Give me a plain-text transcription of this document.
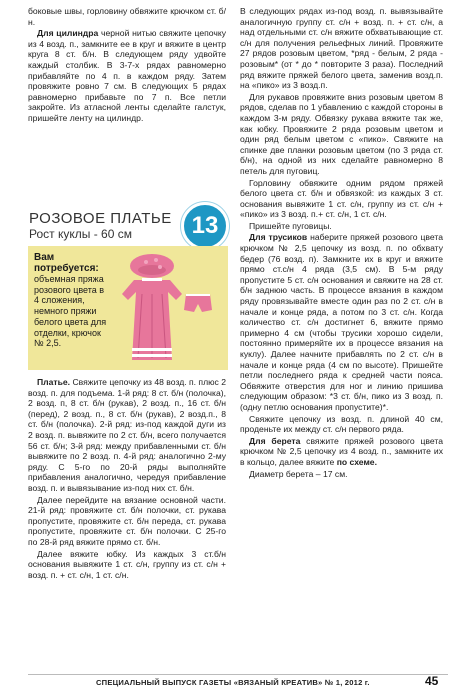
боковые швы, горловину обвяжите крючком ст. б/н.

Для цилиндра черной нитью свяжите цепочку из 4 возд. п., замкните ее в круг и вяжите в центр круга 8 ст. б/н. В следующем ряду удвойте каждый столбик. В 3-7-х рядах равномерно прибавляйте по 4 п. в каждом ряду. Затем провяжите ровно 7 см. В следующих 5 рядах равномерно прибавьте по 7 п. Все петли закройте. Из атласной ленты сделайте галстук, пришейте ленту на цилиндр.

РОЗОВОЕ ПЛАТЬЕ
Рост куклы - 60 см	13
Вам потребуется:
объемная пряжа розового цвета в 4 сложения, немного пряжи белого цвета для отделки, крючок № 2,5.

Платье. Свяжите цепочку из 48 возд. п. плюс 2 возд. п. для подъема. 1-й ряд: 8 ст. б/н (полочка), 2 возд. п, 8 ст. б/н (рукав), 2 возд. п., 16 ст. б/н (перед), 2 возд. п., 8 ст. б/н (рукав), 2 возд.п., 8 ст. б/н (полочка). 2-й ряд: из-под каждой дуги из 2 возд. п. вывяжите по 2 ст. б/н, всего получается 56 ст. б/н; 3-й ряд: между прибавленными ст. б/н вывяжите по 2 возд. п. 4-й ряд: аналогично 2-му ряду. С 5-го по 20-й ряды выполняйте прибавления аналогично, чередуя прибавление возд. п. и вывязывание из-под них ст. б/н.

Далее перейдите на вязание основной части. 21-й ряд: провяжите ст. б/н полочки, ст. рукава пропустите, провяжите ст. б/н переда, ст. рукава пропустите, провяжите ст. б/н полочки. С 25-го по 28-й ряд вяжите прямо ст. б/н.

Далее вяжите юбку. Из каждых 3 ст.б/н основания вывяжите 1 ст. с/н, группу из ст. с/н + возд. п. + ст. с/н, 1 ст. с/н.

В следующих рядах из-под возд. п. вывязывайте аналогичную группу ст. с/н + возд. п. + ст. с/н, а над отдельными ст. с/н вяжите обхватывающие ст. с/н для получения рельефных линий. Провяжите 27 рядов розовым цветом, *ряд - белым, 2 ряда - розовым* (от * до * повторите 3 раза). Последний ряд вяжите пряжей белого цвета, заменив возд.п. на «пико» из 3 возд.п.

Для рукавов провяжите вниз розовым цветом 8 рядов, сделав по 1 убавлению с каждой стороны в каждом 3-м ряду. Обвязку рукава вяжите так же, как юбку. Провяжите 2 ряда розовым цветом и один ряд белым цветом с «пико». Свяжите на спинке две планки розовым цветом (по 3 ряда ст. б/н), на одной из них сделайте равномерно 8 петель для пуговиц.

Горловину обвяжите одним рядом пряжей белого цвета ст. б/н и обвязкой: из каждых 3 ст. основания вывяжите 1 ст. с/н, группу из ст. с/н + «пико» из 3 возд. п.+ ст. с/н, 1 ст. с/н.

Пришейте пуговицы.

Для трусиков наберите пряжей розового цвета крючком № 2,5 цепочку из возд. п. по обхвату бедер (76 возд. п). Замкните их в круг и вяжите прямо ст.с/н 4 ряда (3,5 см). В 5-м ряду пропустите 5 ст. с/н основания и свяжите на 28 ст. б/н заднюю часть. В процессе вязания в каждом ряду провязывайте вместе один раз по 2 ст. с/н в начале и конце ряда, а потом по 3 ст. с/н. Когда количество ст. с/н достигнет 6, вяжите прямо примерно 4 см (чтобы трусики хорошо сидели, постоянно примеряйте их в процессе вязания на куклу). Далее начните прибавлять по 2 ст. с/н в начале и конце ряда (4 см по высоте). Пришейте петли последнего ряда к средней части пояса. Обвяжите отверстия для ног и линию пришива следующим образом: *3 ст. б/н, пико из 3 возд. п. (одну петлю основания пропустите)*.

Свяжите цепочку из возд. п. длиной 40 см, проденьте их между ст. с/н первого ряда.

Для берета свяжите пряжей розового цвета крючком № 2,5 цепочку из 4 возд. п., замкните их в кольцо, далее вяжите по схеме.

Диаметр берета – 17 см.

СПЕЦИАЛЬНЫЙ ВЫПУСК ГАЗЕТЫ «ВЯЗАНЫЙ КРЕАТИВ» № 1, 2012 г.	45
